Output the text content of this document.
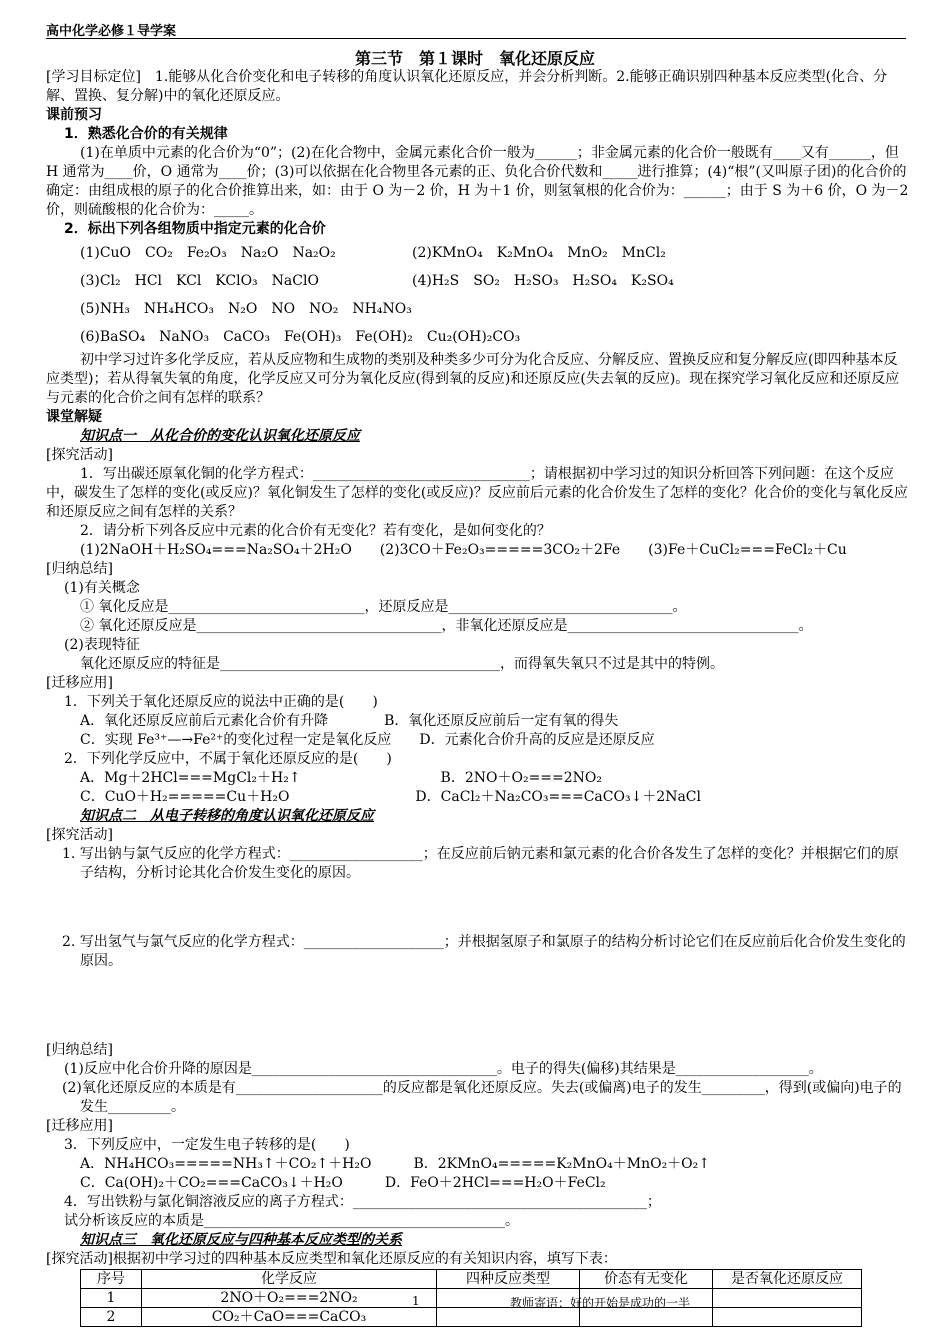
高中化学必修１导学案
第三节　第１课时　氧化还原反应

[学习目标定位]　1.能够从化合价变化和电子转移的角度认识氧化还原反应，并会分析判断。2.能够正确识别四种基本反应类型(化合、分解、置换、复分解)中的氧化还原反应。

课前预习

1．熟悉化合价的有关规律

(1)在单质中元素的化合价为“0”；(2)在化合物中，金属元素化合价一般为______；非金属元素的化合价一般既有____又有______，但 H 通常为____价，O 通常为____价；(3)可以依据在化合物里各元素的正、负化合价代数和_____进行推算；(4)“根”(又叫原子团)的化合价的确定：由组成根的原子的化合价推算出来，如：由于 O 为－2 价，H 为＋1 价，则氢氧根的化合价为：______；由于 S 为＋6 价，O 为－2 价，则硫酸根的化合价为：_____。

2．标出下列各组物质中指定元素的化合价

(1)CuO　CO₂　Fe₂O₃　Na₂O　Na₂O₂	(2)KMnO₄　K₂MnO₄　MnO₂　MnCl₂
(3)Cl₂　HCl　KCl　KClO₃　NaClO	(4)H₂S　SO₂　H₂SO₃　H₂SO₄　K₂SO₄
(5)NH₃　NH₄HCO₃　N₂O　NO　NO₂　NH₄NO₃
(6)BaSO₄　NaNO₃　CaCO₃　Fe(OH)₃　Fe(OH)₂　Cu₂(OH)₂CO₃

初中学习过许多化学反应，若从反应物和生成物的类别及种类多少可分为化合反应、分解反应、置换反应和复分解反应(即四种基本反应类型)；若从得氧失氧的角度，化学反应又可分为氧化反应(得到氧的反应)和还原反应(失去氧的反应)。现在探究学习氧化反应和还原反应与元素的化合价之间有怎样的联系？

课堂解疑

知识点一　从化合价的变化认识氧化还原反应

[探究活动]

1．写出碳还原氧化铜的化学方程式：_______________________________；请根据初中学习过的知识分析回答下列问题：在这个反应中，碳发生了怎样的变化(或反应)？氧化铜发生了怎样的变化(或反应)？反应前后元素的化合价发生了怎样的变化？化合价的变化与氧化反应和还原反应之间有怎样的关系？

2．请分析下列各反应中元素的化合价有无变化？若有变化，是如何变化的？

(1)2NaOH＋H₂SO₄===Na₂SO₄＋2H₂O　　(2)3CO＋Fe₂O₃=====3CO₂＋2Fe　　(3)Fe＋CuCl₂===FeCl₂＋Cu

[归纳总结]

(1)有关概念

① 氧化反应是____________________________，还原反应是________________________________。

② 氧化还原反应是___________________________________，非氧化还原反应是_________________________________。

(2)表现特征

氧化还原反应的特征是________________________________________，而得氧失氧只不过是其中的特例。

[迁移应用]

1．下列关于氧化还原反应的说法中正确的是(　　)

A．氧化还原反应前后元素化合价有升降　　　　B．氧化还原反应前后一定有氧的得失

C．实现 Fe³⁺—→Fe²⁺的变化过程一定是氧化反应　　D．元素化合价升高的反应是还原反应

2．下列化学反应中，不属于氧化还原反应的是(　　)

A．Mg＋2HCl===MgCl₂＋H₂↑　　　　　　　　　　B．2NO＋O₂===2NO₂

C．CuO＋H₂=====Cu＋H₂O　　　　　　　　　D．CaCl₂＋Na₂CO₃===CaCO₃↓＋2NaCl

知识点二　从电子转移的角度认识氧化还原反应

[探究活动]

1. 写出钠与氯气反应的化学方程式：___________________；在反应前后钠元素和氯元素的化合价各发生了怎样的变化？并根据它们的原子结构，分析讨论其化合价发生变化的原因。

2. 写出氢气与氯气反应的化学方程式：____________________；并根据氢原子和氯原子的结构分析讨论它们在反应前后化合价发生变化的原因。

[归纳总结]

(1)反应中化合价升降的原因是___________________________________。电子的得失(偏移)其结果是___________________。

(2)氧化还原反应的本质是有_____________________的反应都是氧化还原反应。失去(或偏离)电子的发生_________，得到(或偏向)电子的发生_________。

[迁移应用]

3．下列反应中，一定发生电子转移的是(　　)

A．NH₄HCO₃=====NH₃↑＋CO₂↑＋H₂O　　　B．2KMnO₄=====K₂MnO₄＋MnO₂＋O₂↑

C．Ca(OH)₂＋CO₂===CaCO₃↓＋H₂O　　　D．FeO＋2HCl===H₂O＋FeCl₂

4．写出铁粉与氯化铜溶液反应的离子方程式：__________________________________________；

试分析该反应的本质是___________________________________________。

知识点三　氧化还原反应与四种基本反应类型的关系

[探究活动]根据初中学习过的四种基本反应类型和氧化还原反应的有关知识内容，填写下表：

序号	化学反应	四种反应类型	价态有无变化	是否氧化还原反应
1	2NO＋O₂===2NO₂			
2	CO₂＋CaO===CaCO₃			
1	教师寄语：好的开始是成功的一半
